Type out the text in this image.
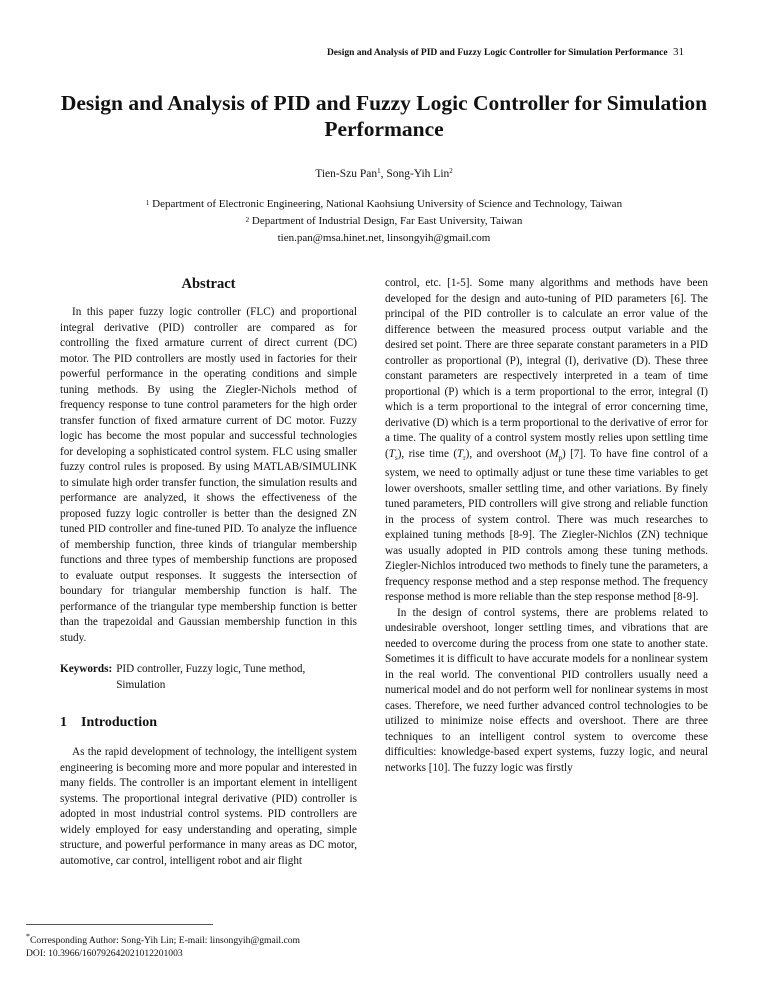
Design and Analysis of PID and Fuzzy Logic Controller for Simulation Performance 31
Design and Analysis of PID and Fuzzy Logic Controller for Simulation Performance
Tien-Szu Pan$^1$, Song-Yih Lin$^2$
$^1$ Department of Electronic Engineering, National Kaohsiung University of Science and Technology, Taiwan
$^2$ Department of Industrial Design, Far East University, Taiwan
tien.pan@msa.hinet.net, linsongyih@gmail.com
Abstract

In this paper fuzzy logic controller (FLC) and proportional integral derivative (PID) controller are compared as for controlling the fixed armature current of direct current (DC) motor. The PID controllers are mostly used in factories for their powerful performance in the operating conditions and simple tuning methods. By using the Ziegler-Nichols method of frequency response to tune control parameters for the high order transfer function of fixed armature current of DC motor. Fuzzy logic has become the most popular and successful technologies for developing a sophisticated control system. FLC using smaller fuzzy control rules is proposed. By using MATLAB/SIMULINK to simulate high order transfer function, the simulation results and performance are analyzed, it shows the effectiveness of the proposed fuzzy logic controller is better than the designed ZN tuned PID controller and fine-tuned PID. To analyze the influence of membership function, three kinds of triangular membership functions and three types of membership functions are proposed to evaluate output responses. It suggests the intersection of boundary for triangular membership function is half. The performance of the triangular type membership function is better than the trapezoidal and Gaussian membership function in this study.

Keywords: PID controller, Fuzzy logic, Tune method, Simulation
1 Introduction

As the rapid development of technology, the intelligent system engineering is becoming more and more popular and interested in many fields. The controller is an important element in intelligent systems. The proportional integral derivative (PID) controller is adopted in most industrial control systems. PID controllers are widely employed for easy understanding and operating, simple structure, and powerful performance in many areas as DC motor, automotive, car control, intelligent robot and air flight

control, etc. [1-5]. Some many algorithms and methods have been developed for the design and auto-tuning of PID parameters [6]. The principal of the PID controller is to calculate an error value of the difference between the measured process output variable and the desired set point. There are three separate constant parameters in a PID controller as proportional (P), integral (I), derivative (D). These three constant parameters are respectively interpreted in a team of time proportional (P) which is a term proportional to the error, integral (I) which is a term proportional to the integral of error concerning time, derivative (D) which is a term proportional to the derivative of error for a time. The quality of a control system mostly relies upon settling time $(T_s)$, rise time $(T_r)$, and overshoot $(M_p)$ [7]. To have fine control of a system, we need to optimally adjust or tune these time variables to get lower overshoots, smaller settling time, and other variations. By finely tuned parameters, PID controllers will give strong and reliable function in the process of system control. There was much researches to explained tuning methods [8-9]. The Ziegler-Nichlos (ZN) technique was usually adopted in PID controls among these tuning methods. Ziegler-Nichlos introduced two methods to finely tune the parameters, a frequency response method and a step response method. The frequency response method is more reliable than the step response method [8-9].

In the design of control systems, there are problems related to undesirable overshoot, longer settling times, and vibrations that are needed to overcome during the process from one state to another state. Sometimes it is difficult to have accurate models for a nonlinear system in the real world. The conventional PID controllers usually need a numerical model and do not perform well for nonlinear systems in most cases. Therefore, we need further advanced control technologies to be utilized to minimize noise effects and overshoot. There are three techniques to an intelligent control system to overcome these difficulties: knowledge-based expert systems, fuzzy logic, and neural networks [10]. The fuzzy logic was firstly

*Corresponding Author: Song-Yih Lin; E-mail: linsongyih@gmail.com
DOI: 10.3966/160792642021012201003
